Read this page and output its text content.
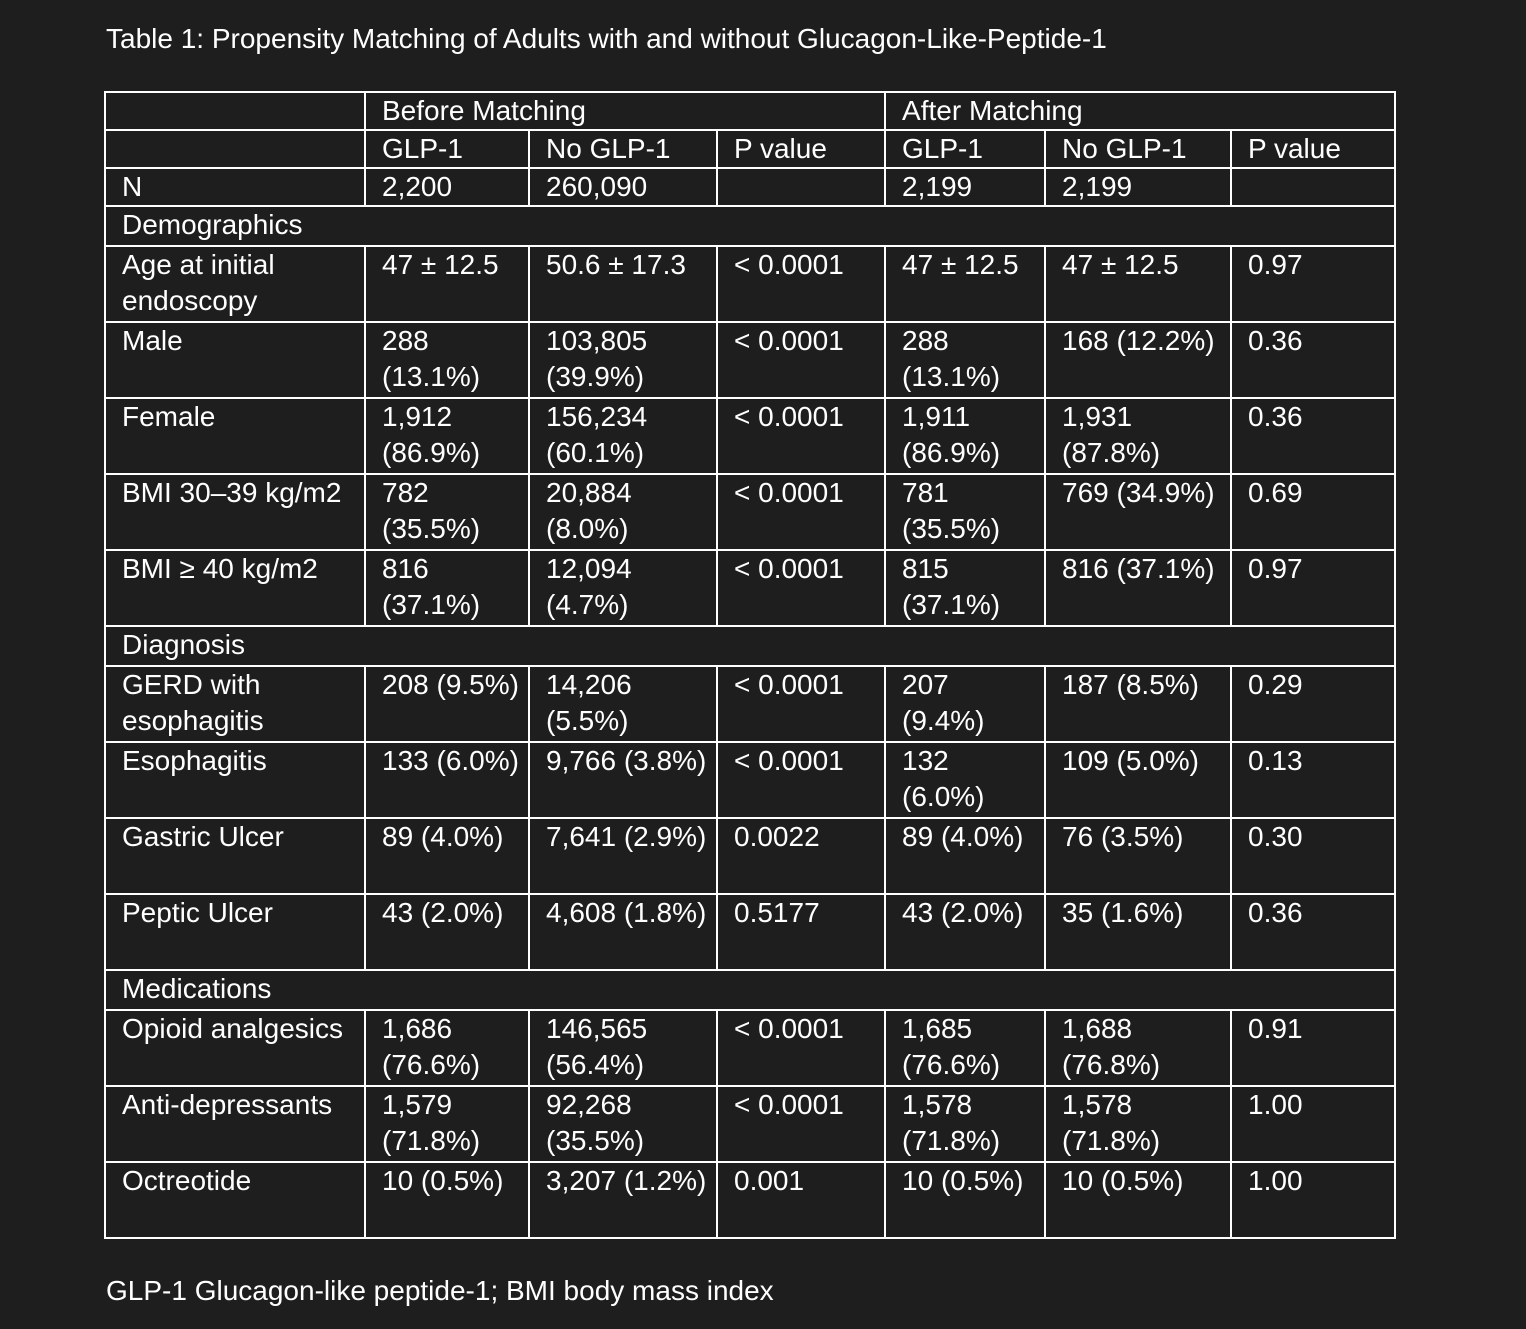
Table 1: Propensity Matching of Adults with and without Glucagon-Like-Peptide-1
	Before Matching			After Matching		
	GLP-1	No GLP-1	P value	GLP-1	No GLP-1	P value
N	2,200	260,090		2,199	2,199	
Demographics						
Age at initial endoscopy	47 ± 12.5	50.6 ± 17.3	< 0.0001	47 ± 12.5	47 ± 12.5	0.97
Male	288 (13.1%)	103,805 (39.9%)	< 0.0001	288 (13.1%)	168 (12.2%)	0.36
Female	1,912 (86.9%)	156,234 (60.1%)	< 0.0001	1,911 (86.9%)	1,931 (87.8%)	0.36
BMI 30–39 kg/m2	782 (35.5%)	20,884 (8.0%)	< 0.0001	781 (35.5%)	769 (34.9%)	0.69
BMI ≥ 40 kg/m2	816 (37.1%)	12,094 (4.7%)	< 0.0001	815 (37.1%)	816 (37.1%)	0.97
Diagnosis						
GERD with esophagitis	208 (9.5%)	14,206 (5.5%)	< 0.0001	207 (9.4%)	187 (8.5%)	0.29
Esophagitis	133 (6.0%)	9,766 (3.8%)	< 0.0001	132 (6.0%)	109 (5.0%)	0.13
Gastric Ulcer	89 (4.0%)	7,641 (2.9%)	0.0022	89 (4.0%)	76 (3.5%)	0.30
Peptic Ulcer	43 (2.0%)	4,608 (1.8%)	0.5177	43 (2.0%)	35 (1.6%)	0.36
Medications						
Opioid analgesics	1,686 (76.6%)	146,565 (56.4%)	< 0.0001	1,685 (76.6%)	1,688 (76.8%)	0.91
Anti-depressants	1,579 (71.8%)	92,268 (35.5%)	< 0.0001	1,578 (71.8%)	1,578 (71.8%)	1.00
Octreotide	10 (0.5%)	3,207 (1.2%)	0.001	10 (0.5%)	10 (0.5%)	1.00
GLP-1 Glucagon-like peptide-1; BMI body mass index
